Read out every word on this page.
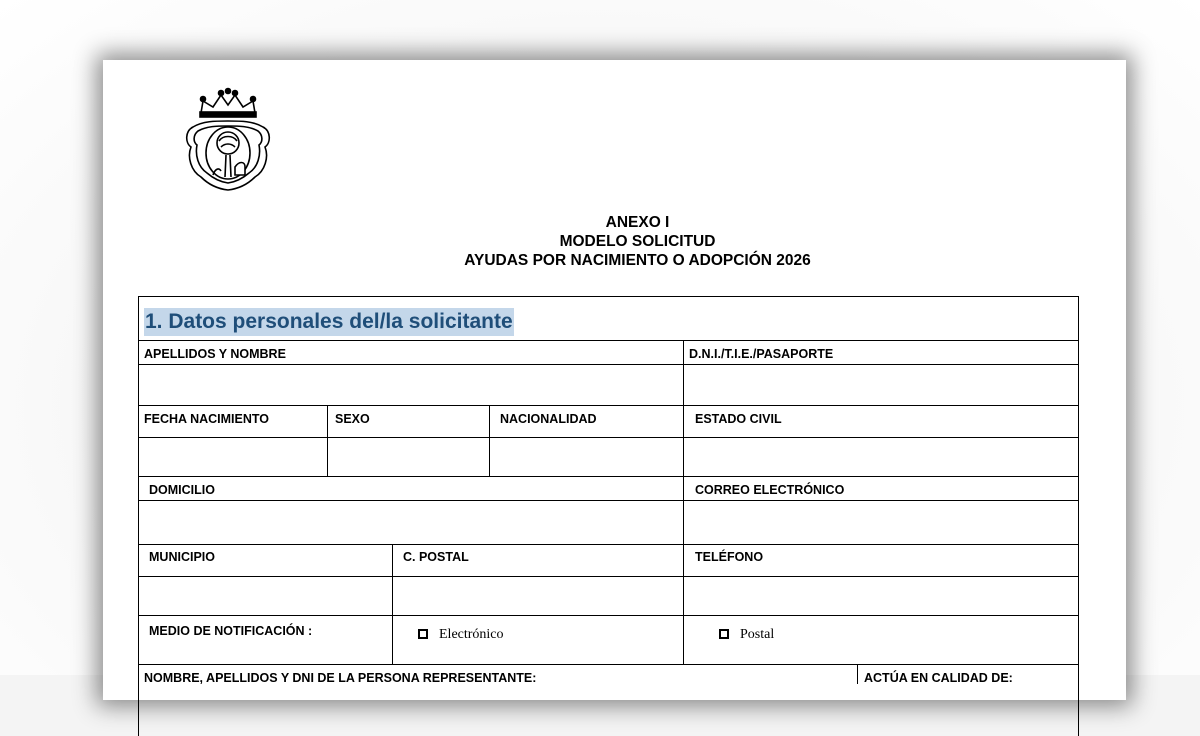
ANEXO I
MODELO SOLICITUD
AYUDAS POR NACIMIENTO O ADOPCIÓN 2026
1. Datos personales del/la solicitante
APELLIDOS Y NOMBRE	D.N.I./T.I.E./PASAPORTE
FECHA NACIMIENTO	SEXO	NACIONALIDAD	ESTADO CIVIL
DOMICILIO	CORREO ELECTRÓNICO
MUNICIPIO	C. POSTAL	TELÉFONO
MEDIO DE NOTIFICACIÓN :	Electrónico	Postal
NOMBRE, APELLIDOS Y DNI DE LA PERSONA REPRESENTANTE:	ACTÚA EN CALIDAD DE:
